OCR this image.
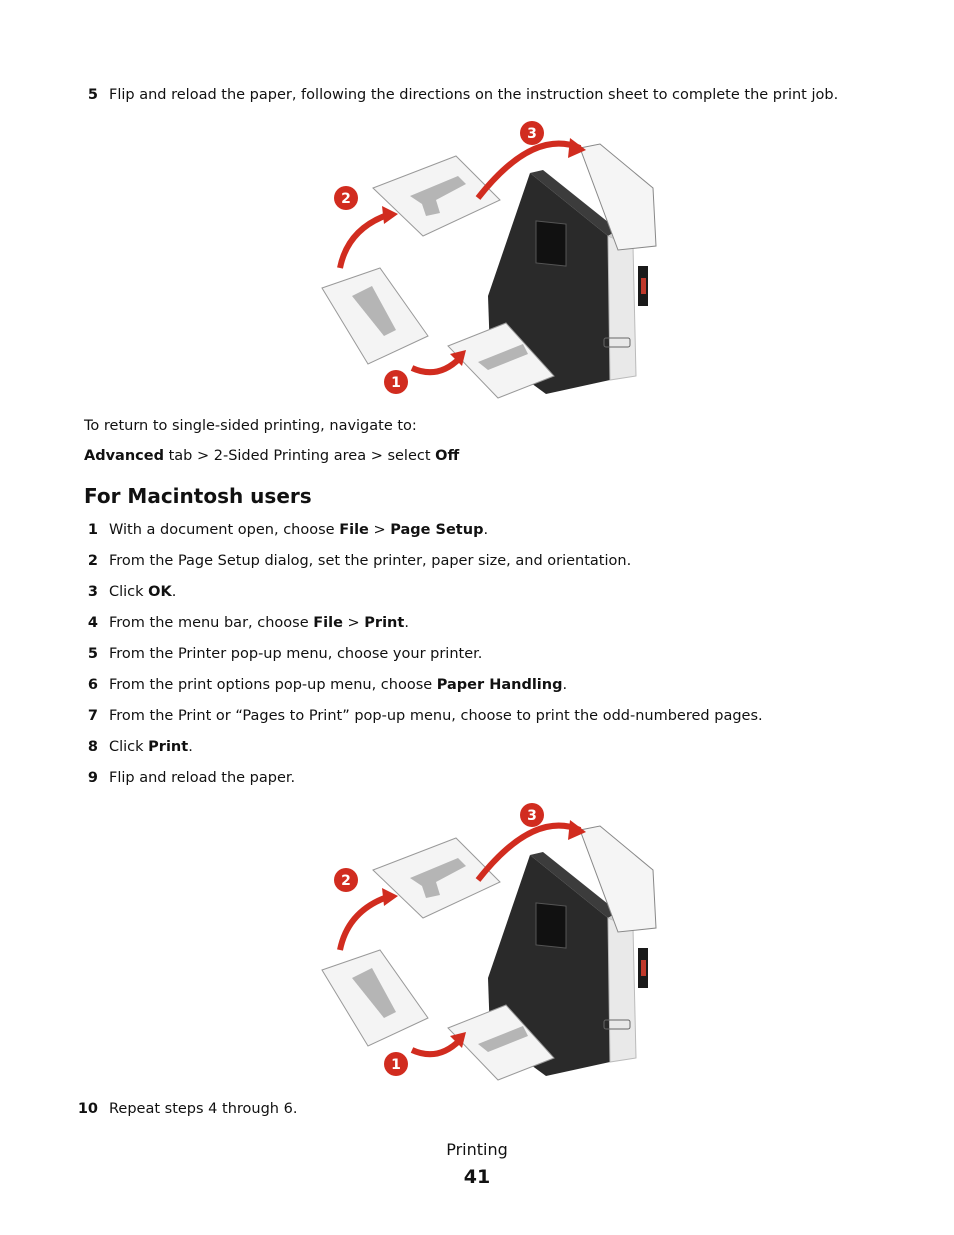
5 Flip and reload the paper, following the directions on the instruction sheet to complete the print job.
1
2
3
To return to single-sided printing, navigate to:
Advanced tab > 2-Sided Printing area > select Off
For Macintosh users
1 With a document open, choose File > Page Setup.
2 From the Page Setup dialog, set the printer, paper size, and orientation.
3 Click OK.
4 From the menu bar, choose File > Print.
5 From the Printer pop-up menu, choose your printer.
6 From the print options pop-up menu, choose Paper Handling.
7 From the Print or “Pages to Print” pop-up menu, choose to print the odd-numbered pages.
8 Click Print.
9 Flip and reload the paper.
1
2
3
10 Repeat steps 4 through 6.
Printing
41
